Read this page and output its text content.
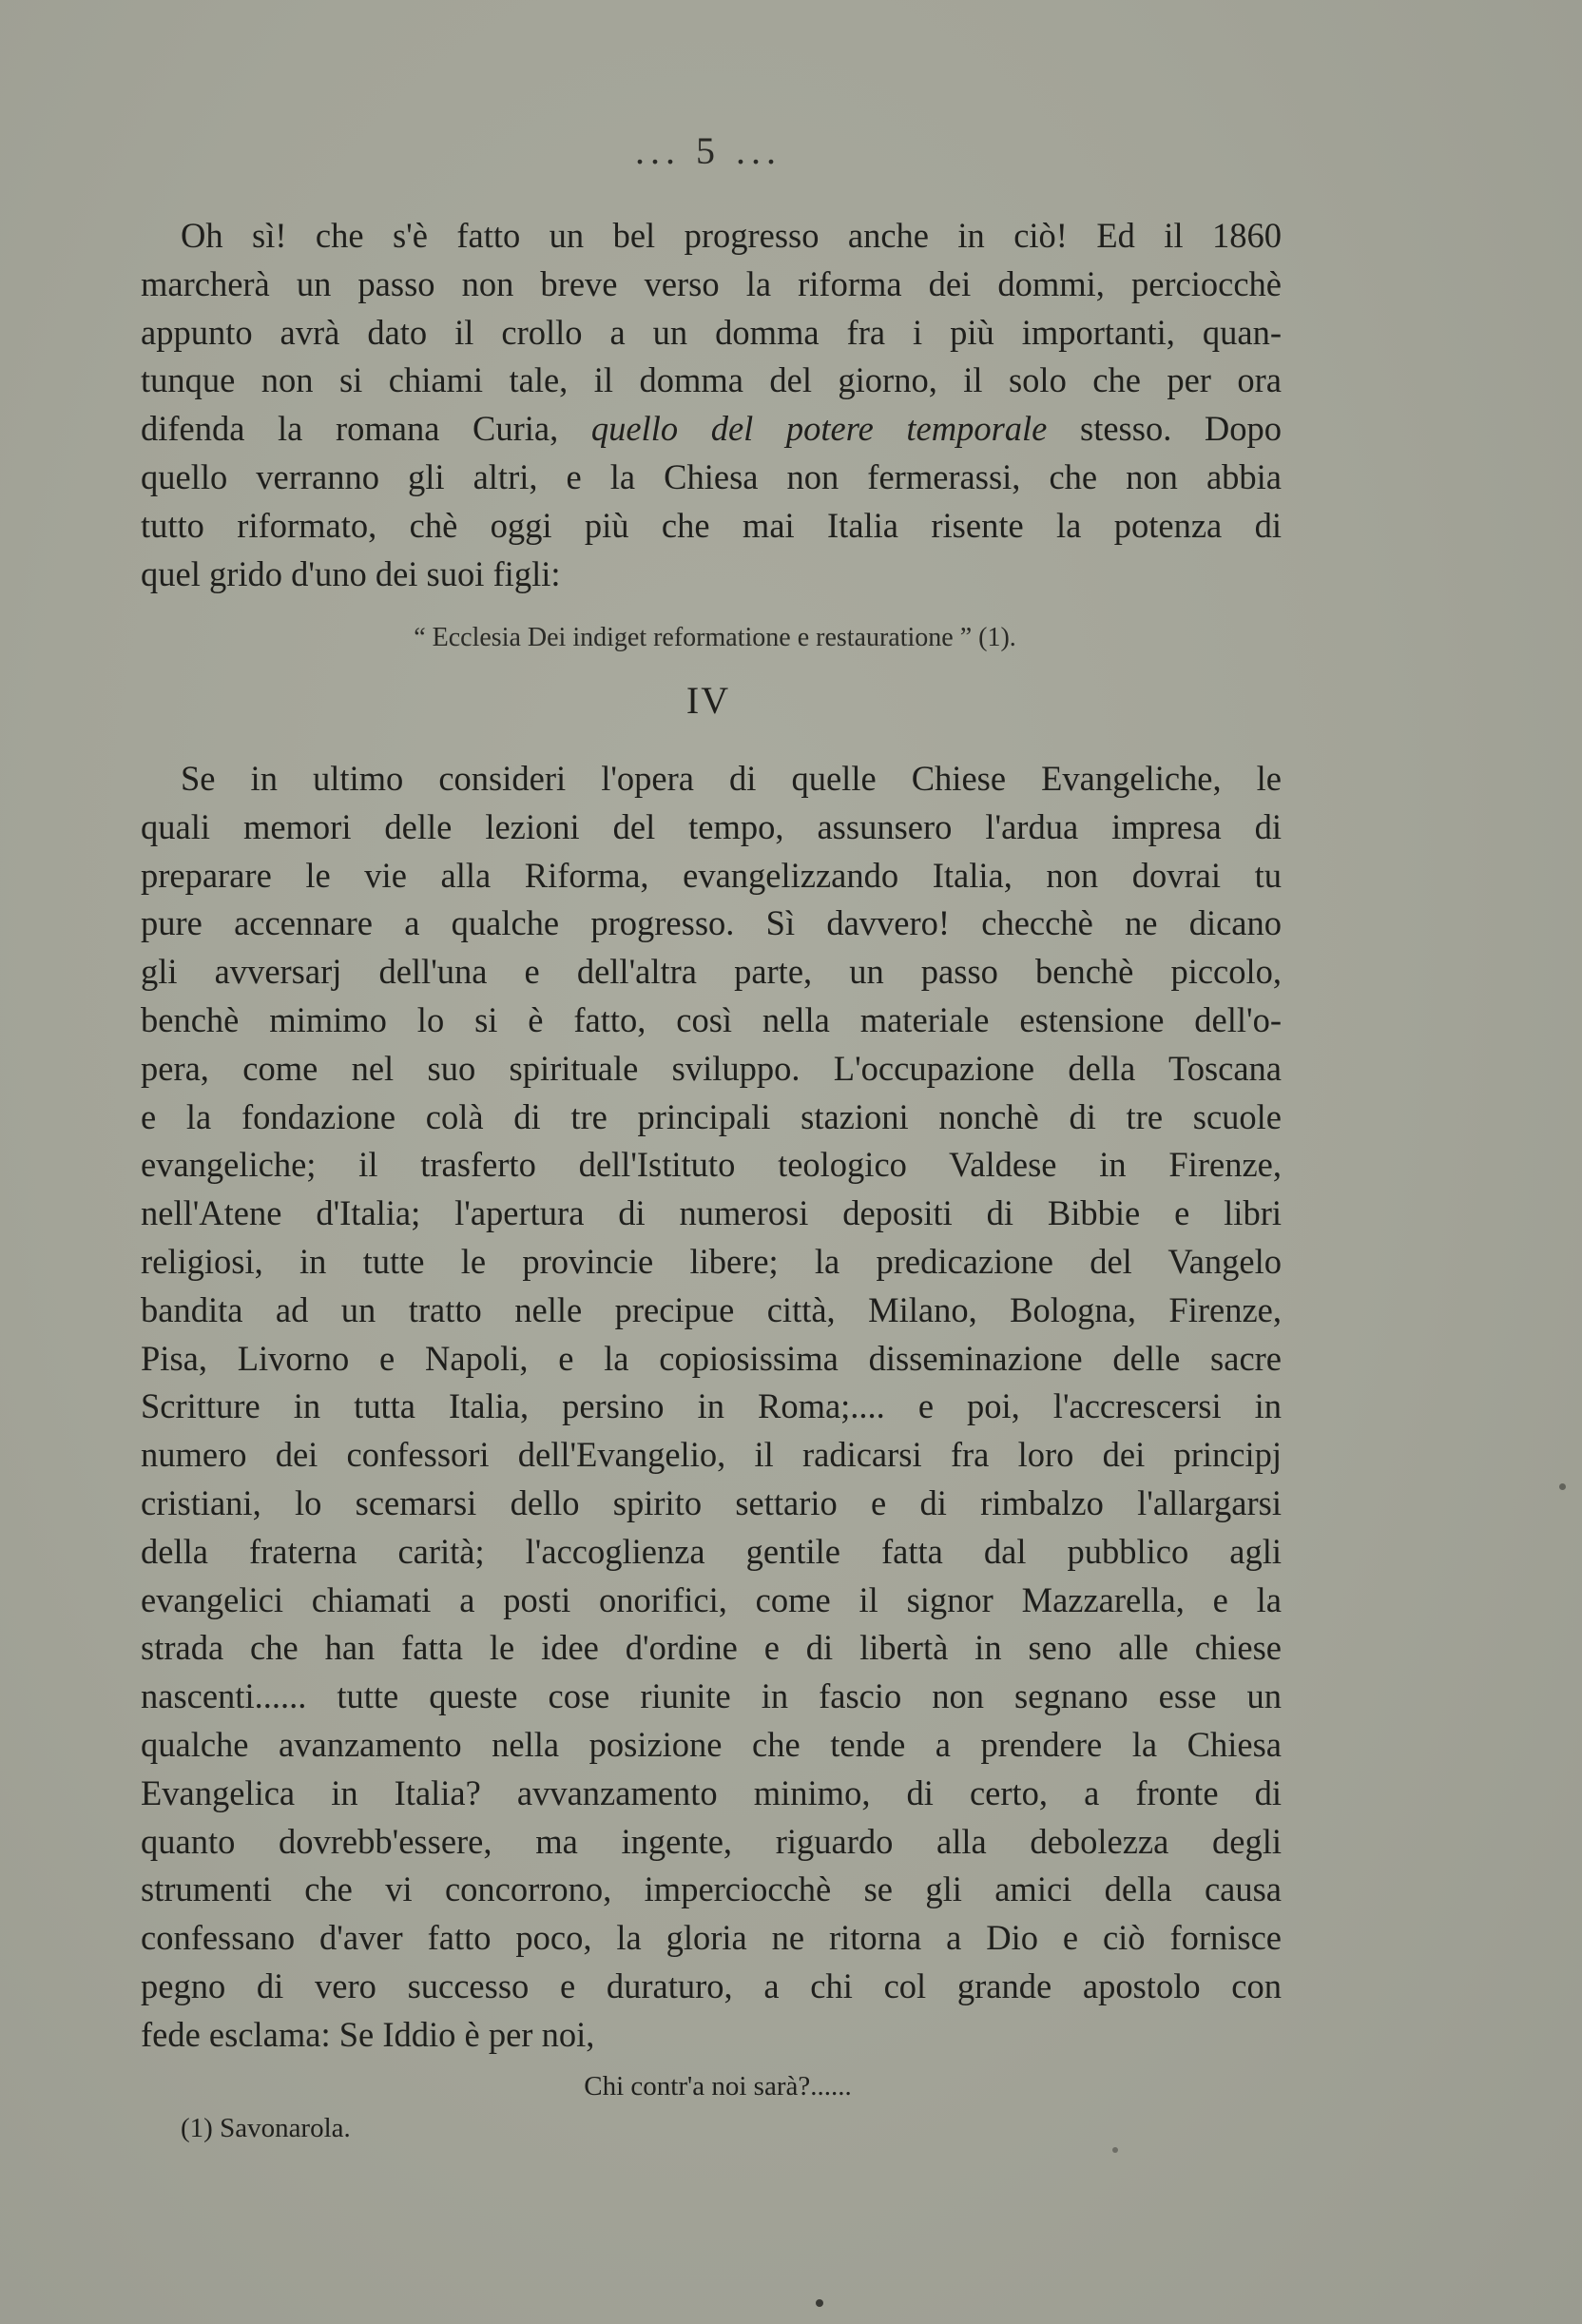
... 5 ...
Oh sì! che s'è fatto un bel progresso anche in ciò! Ed il 1860
marcherà un passo non breve verso la riforma dei dommi, perciocchè
appunto avrà dato il crollo a un domma fra i più importanti, quan-
tunque non si chiami tale, il domma del giorno, il solo che per ora
difenda la romana Curia, quello del potere temporale stesso. Dopo
quello verranno gli altri, e la Chiesa non fermerassi, che non abbia
tutto riformato, chè oggi più che mai Italia risente la potenza di
quel grido d'uno dei suoi figli:
“ Ecclesia Dei indiget reformatione e restauratione ” (1).
IV
Se in ultimo consideri l'opera di quelle Chiese Evangeliche, le
quali memori delle lezioni del tempo, assunsero l'ardua impresa di
preparare le vie alla Riforma, evangelizzando Italia, non dovrai tu
pure accennare a qualche progresso. Sì davvero! checchè ne dicano
gli avversarj dell'una e dell'altra parte, un passo benchè piccolo,
benchè mimimo lo si è fatto, così nella materiale estensione dell'o-
pera, come nel suo spirituale sviluppo. L'occupazione della Toscana
e la fondazione colà di tre principali stazioni nonchè di tre scuole
evangeliche; il trasferto dell'Istituto teologico Valdese in Firenze,
nell'Atene d'Italia; l'apertura di numerosi depositi di Bibbie e libri
religiosi, in tutte le provincie libere; la predicazione del Vangelo
bandita ad un tratto nelle precipue città, Milano, Bologna, Firenze,
Pisa, Livorno e Napoli, e la copiosissima disseminazione delle sacre
Scritture in tutta Italia, persino in Roma;.... e poi, l'accrescersi in
numero dei confessori dell'Evangelio, il radicarsi fra loro dei principj
cristiani, lo scemarsi dello spirito settario e di rimbalzo l'allargarsi
della fraterna carità; l'accoglienza gentile fatta dal pubblico agli
evangelici chiamati a posti onorifici, come il signor Mazzarella, e la
strada che han fatta le idee d'ordine e di libertà in seno alle chiese
nascenti...... tutte queste cose riunite in fascio non segnano esse un
qualche avanzamento nella posizione che tende a prendere la Chiesa
Evangelica in Italia? avvanzamento minimo, di certo, a fronte di
quanto dovrebb'essere, ma ingente, riguardo alla debolezza degli
strumenti che vi concorrono, imperciocchè se gli amici della causa
confessano d'aver fatto poco, la gloria ne ritorna a Dio e ciò fornisce
pegno di vero successo e duraturo, a chi col grande apostolo con
fede esclama: Se Iddio è per noi,
Chi contr'a noi sarà?......
(1) Savonarola.
